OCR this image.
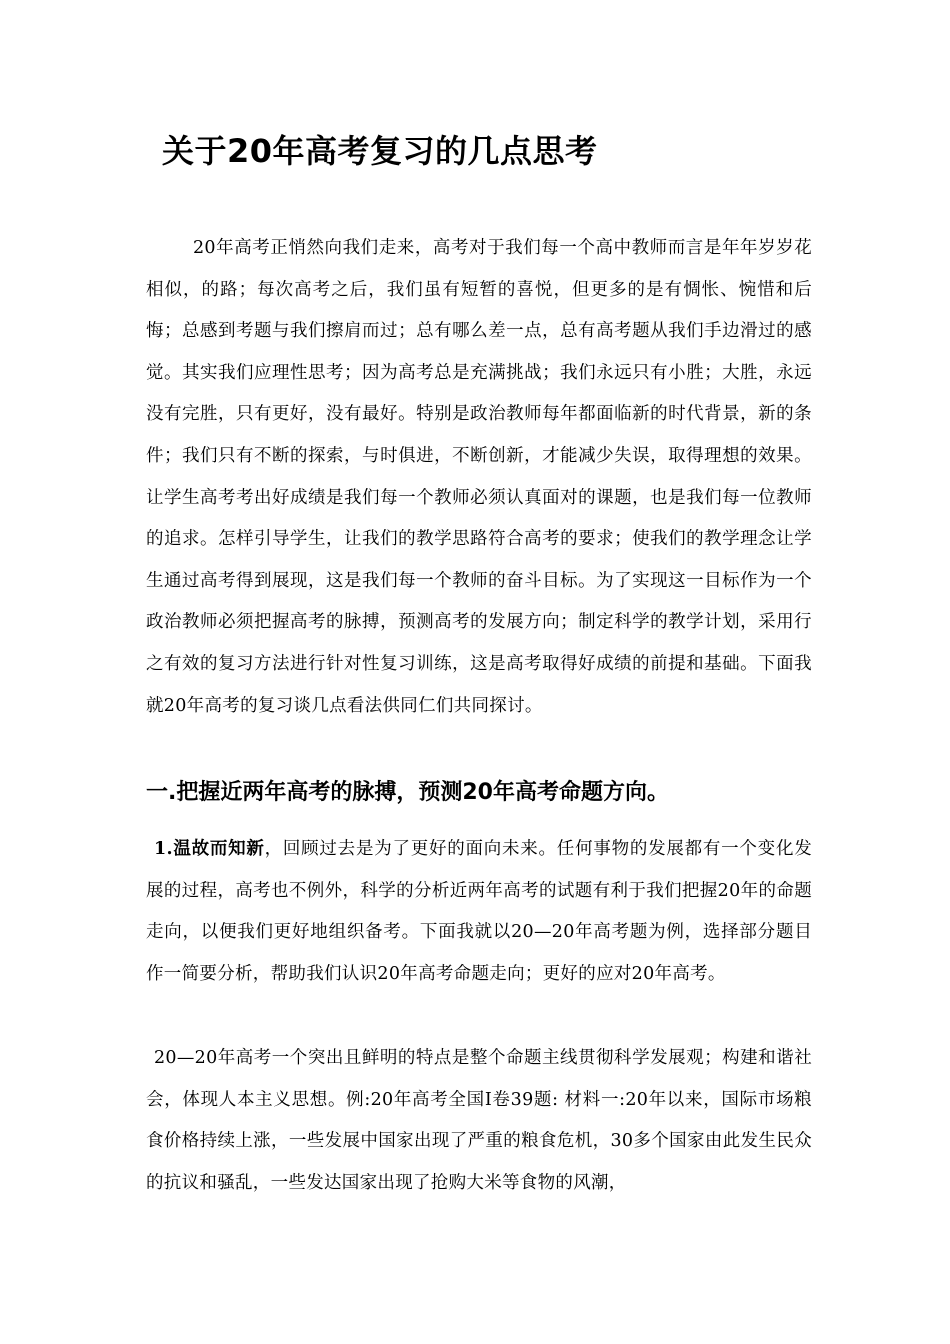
关于20年高考复习的几点思考

20年高考正悄然向我们走来，高考对于我们每一个高中教师而言是年年岁岁花相似，的路；每次高考之后，我们虽有短暂的喜悦，但更多的是有惆怅、惋惜和后悔；总感到考题与我们擦肩而过；总有哪么差一点，总有高考题从我们手边滑过的感觉。其实我们应理性思考；因为高考总是充满挑战；我们永远只有小胜；大胜，永远没有完胜，只有更好，没有最好。特别是政治教师每年都面临新的时代背景，新的条件；我们只有不断的探索，与时俱进，不断创新，才能减少失误，取得理想的效果。让学生高考考出好成绩是我们每一个教师必须认真面对的课题，也是我们每一位教师的追求。怎样引导学生，让我们的教学思路符合高考的要求；使我们的教学理念让学生通过高考得到展现，这是我们每一个教师的奋斗目标。为了实现这一目标作为一个政治教师必须把握高考的脉搏，预测高考的发展方向；制定科学的教学计划，采用行之有效的复习方法进行针对性复习训练，这是高考取得好成绩的前提和基础。下面我就20年高考的复习谈几点看法供同仁们共同探讨。

一.把握近两年高考的脉搏，预测20年高考命题方向。

1.温故而知新，回顾过去是为了更好的面向未来。任何事物的发展都有一个变化发展的过程，高考也不例外，科学的分析近两年高考的试题有利于我们把握20年的命题走向，以便我们更好地组织备考。下面我就以20—20年高考题为例，选择部分题目作一简要分析，帮助我们认识20年高考命题走向；更好的应对20年高考。

20—20年高考一个突出且鲜明的特点是整个命题主线贯彻科学发展观；构建和谐社会，体现人本主义思想。例:20年高考全国Ⅰ卷39题: 材料一:20年以来，国际市场粮食价格持续上涨，一些发展中国家出现了严重的粮食危机，30多个国家由此发生民众的抗议和骚乱，一些发达国家出现了抢购大米等食物的风潮，
